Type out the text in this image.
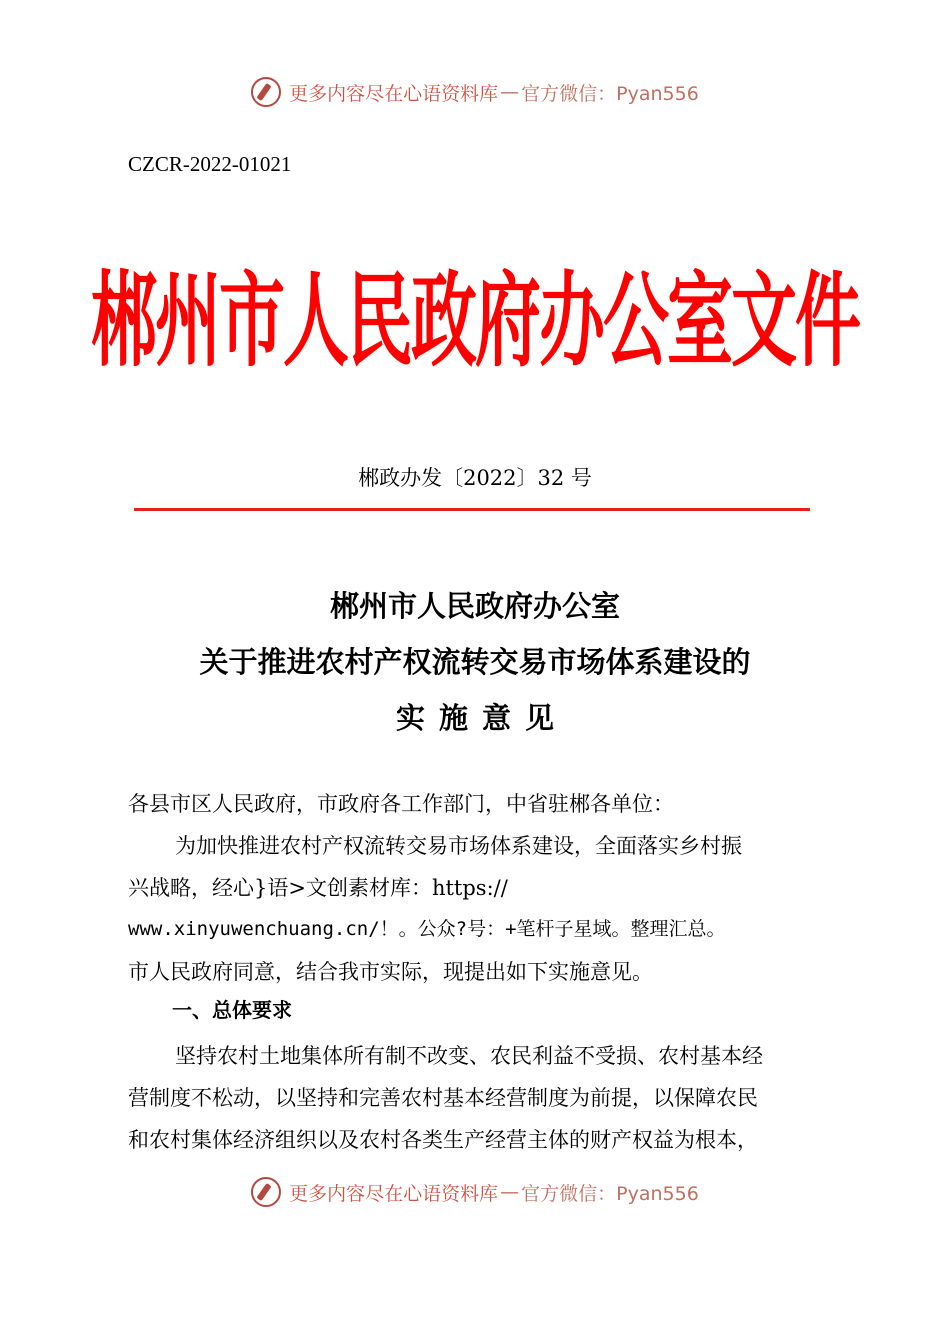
更多内容尽在心语资料库 — 官方微信：Pyan556
CZCR-2022-01021
郴州市人民政府办公室文件
郴政办发〔2022〕32 号
郴州市人民政府办公室
关于推进农村产权流转交易市场体系建设的
实施意见
各县市区人民政府，市政府各工作部门，中省驻郴各单位：
为加快推进农村产权流转交易市场体系建设，全面落实乡村振
兴战略，经心}语>文创素材库：https://
www.xinyuwenchuang.cn/！。公众?号：+笔杆子星域。整理汇总。
市人民政府同意，结合我市实际，现提出如下实施意见。
一、总体要求
坚持农村土地集体所有制不改变、农民利益不受损、农村基本经
营制度不松动，以坚持和完善农村基本经营制度为前提，以保障农民
和农村集体经济组织以及农村各类生产经营主体的财产权益为根本，
更多内容尽在心语资料库 — 官方微信：Pyan556
